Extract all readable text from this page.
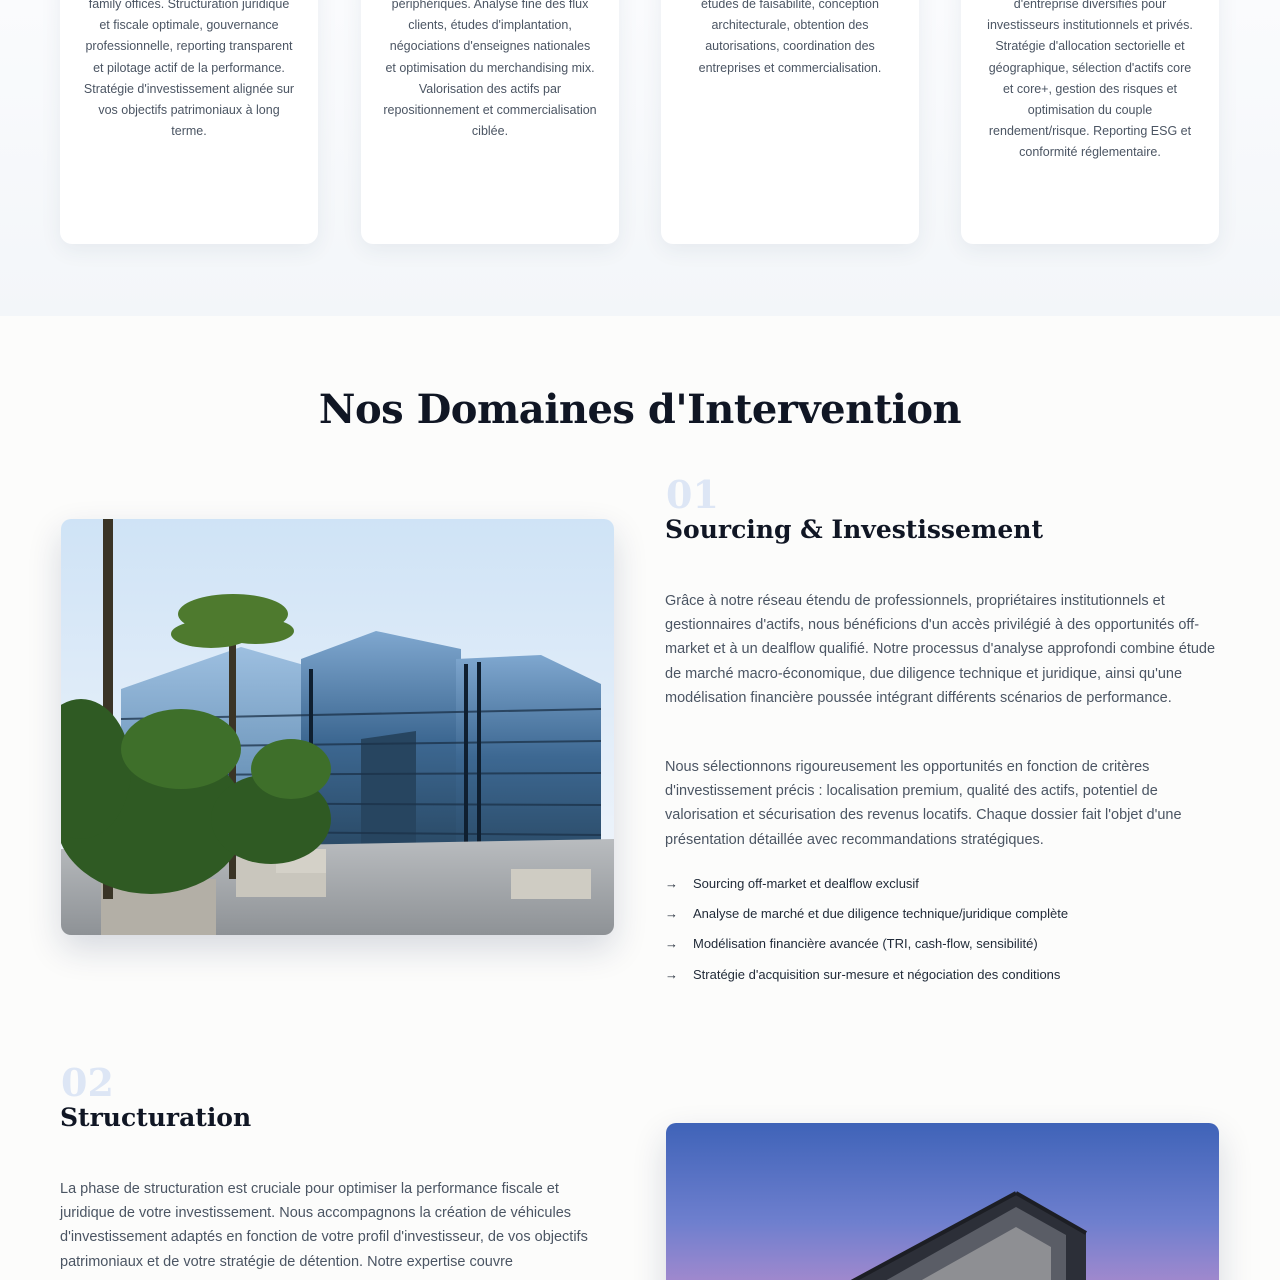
family offices. Structuration juridique et fiscale optimale, gouvernance professionnelle, reporting transparent et pilotage actif de la performance. Stratégie d'investissement alignée sur vos objectifs patrimoniaux à long terme.

périphériques. Analyse fine des flux clients, études d'implantation, négociations d'enseignes nationales et optimisation du merchandising mix. Valorisation des actifs par repositionnement et commercialisation ciblée.

études de faisabilité, conception architecturale, obtention des autorisations, coordination des entreprises et commercialisation.

d'entreprise diversifiés pour investisseurs institutionnels et privés. Stratégie d'allocation sectorielle et géographique, sélection d'actifs core et core+, gestion des risques et optimisation du couple rendement/risque. Reporting ESG et conformité réglementaire.

Nos Domaines d'Intervention
01
Sourcing & Investissement

Grâce à notre réseau étendu de professionnels, propriétaires institutionnels et gestionnaires d'actifs, nous bénéficions d'un accès privilégié à des opportunités off-market et à un dealflow qualifié. Notre processus d'analyse approfondi combine étude de marché macro-économique, due diligence technique et juridique, ainsi qu'une modélisation financière poussée intégrant différents scénarios de performance.

Nous sélectionnons rigoureusement les opportunités en fonction de critères d'investissement précis : localisation premium, qualité des actifs, potentiel de valorisation et sécurisation des revenus locatifs. Chaque dossier fait l'objet d'une présentation détaillée avec recommandations stratégiques.

→	Sourcing off-market et dealflow exclusif
→	Analyse de marché et due diligence technique/juridique complète
→	Modélisation financière avancée (TRI, cash-flow, sensibilité)
→	Stratégie d'acquisition sur-mesure et négociation des conditions
02
Structuration

La phase de structuration est cruciale pour optimiser la performance fiscale et juridique de votre investissement. Nous accompagnons la création de véhicules d'investissement adaptés en fonction de votre profil d'investisseur, de vos objectifs patrimoniaux et de votre stratégie de détention. Notre expertise couvre
